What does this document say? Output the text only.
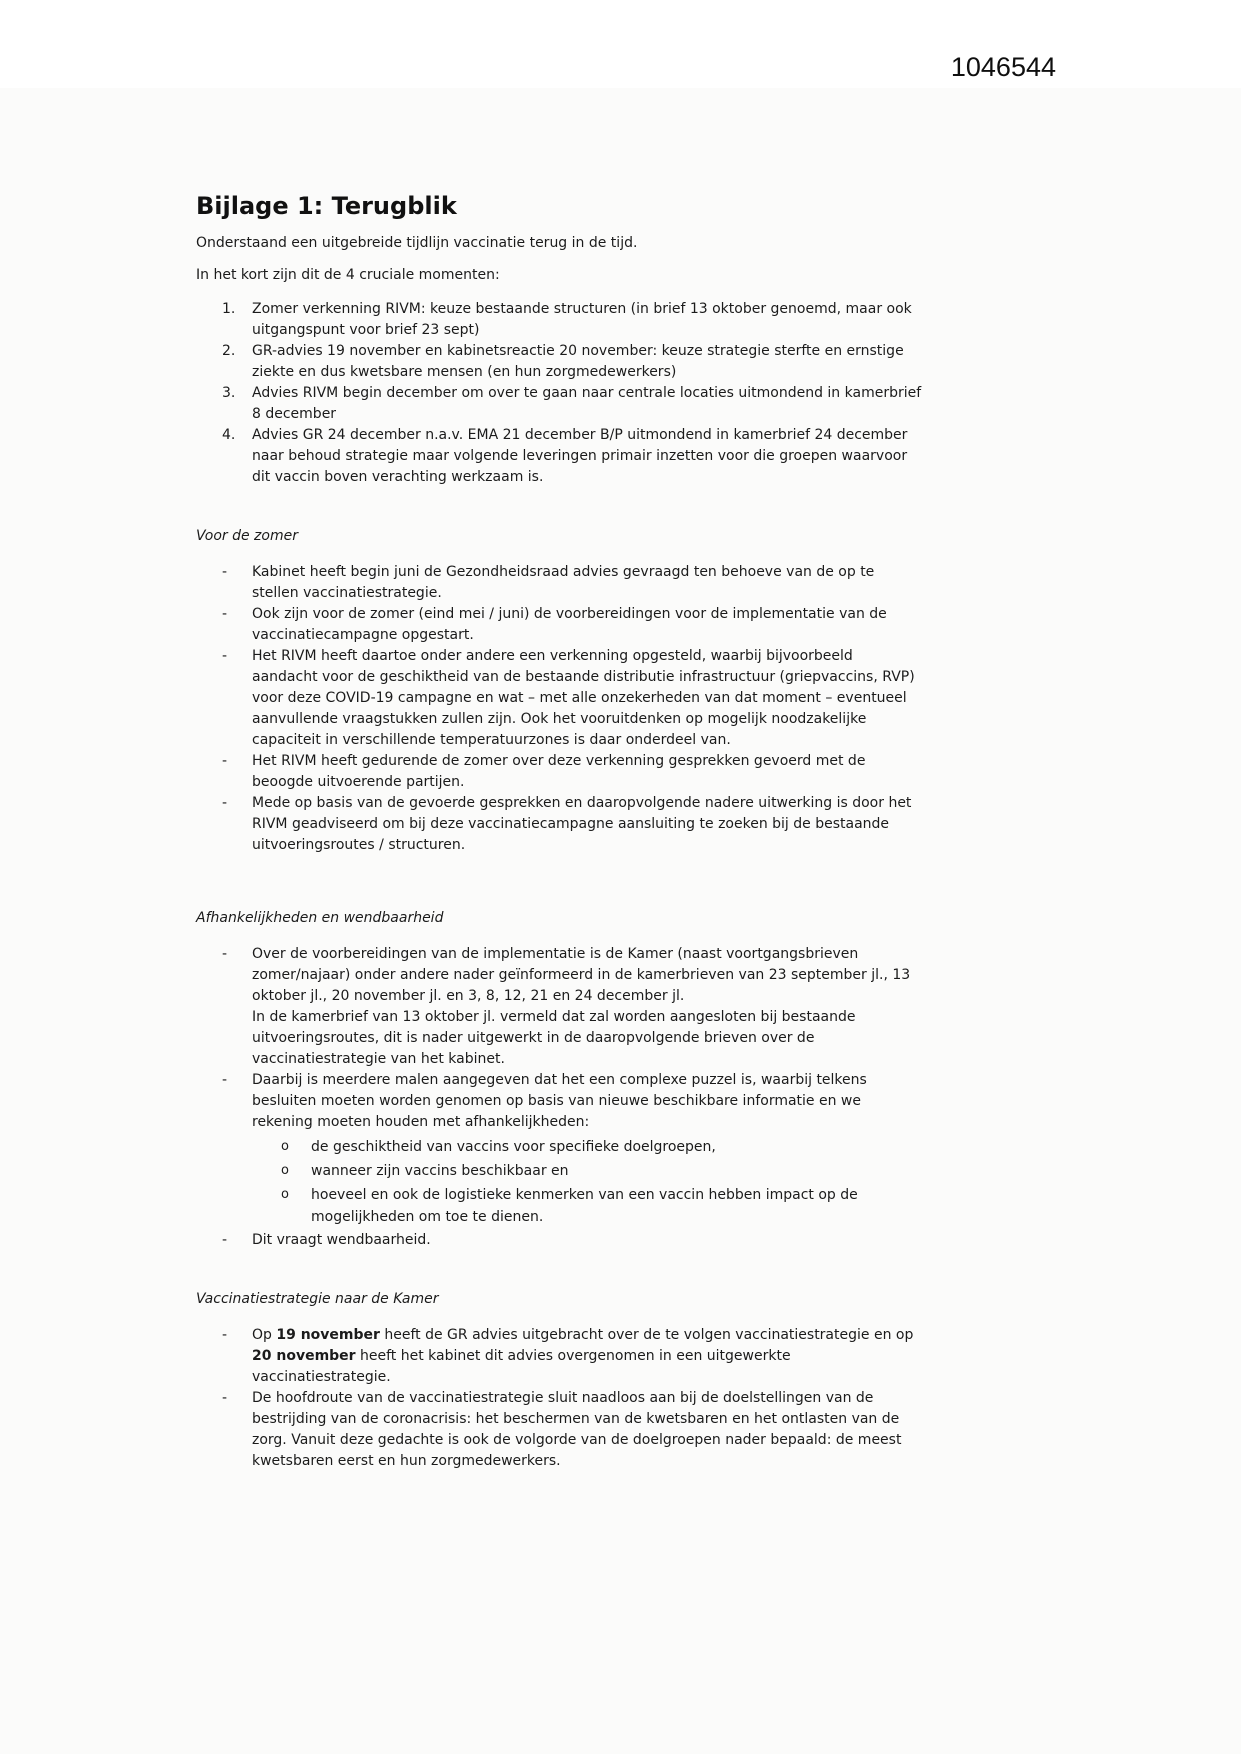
1046544
Bijlage 1: Terugblik

Onderstaand een uitgebreide tijdlijn vaccinatie terug in de tijd.

In het kort zijn dit de 4 cruciale momenten:

1.	Zomer verkenning RIVM: keuze bestaande structuren (in brief 13 oktober genoemd, maar ook uitgangspunt voor brief 23 sept)
2.	GR-advies 19 november en kabinetsreactie 20 november: keuze strategie sterfte en ernstige ziekte en dus kwetsbare mensen (en hun zorgmedewerkers)
3.	Advies RIVM begin december om over te gaan naar centrale locaties uitmondend in kamerbrief 8 december
4.	Advies GR 24 december n.a.v. EMA 21 december B/P uitmondend in kamerbrief 24 december naar behoud strategie maar volgende leveringen primair inzetten voor die groepen waarvoor dit vaccin boven verachting werkzaam is.
Voor de zomer
-	Kabinet heeft begin juni de Gezondheidsraad advies gevraagd ten behoeve van de op te stellen vaccinatiestrategie.
-	Ook zijn voor de zomer (eind mei / juni) de voorbereidingen voor de implementatie van de vaccinatiecampagne opgestart.
-	Het RIVM heeft daartoe onder andere een verkenning opgesteld, waarbij bijvoorbeeld aandacht voor de geschiktheid van de bestaande distributie infrastructuur (griepvaccins, RVP) voor deze COVID-19 campagne en wat – met alle onzekerheden van dat moment – eventueel aanvullende vraagstukken zullen zijn. Ook het vooruitdenken op mogelijk noodzakelijke capaciteit in verschillende temperatuurzones is daar onderdeel van.
-	Het RIVM heeft gedurende de zomer over deze verkenning gesprekken gevoerd met de beoogde uitvoerende partijen.
-	Mede op basis van de gevoerde gesprekken en daaropvolgende nadere uitwerking is door het RIVM geadviseerd om bij deze vaccinatiecampagne aansluiting te zoeken bij de bestaande uitvoeringsroutes / structuren.
Afhankelijkheden en wendbaarheid
-	Over de voorbereidingen van de implementatie is de Kamer (naast voortgangsbrieven zomer/najaar) onder andere nader geïnformeerd in de kamerbrieven van 23 september jl., 13 oktober jl., 20 november jl. en 3, 8, 12, 21 en 24 december jl.
In de kamerbrief van 13 oktober jl. vermeld dat zal worden aangesloten bij bestaande uitvoeringsroutes, dit is nader uitgewerkt in de daaropvolgende brieven over de vaccinatiestrategie van het kabinet.
-	Daarbij is meerdere malen aangegeven dat het een complexe puzzel is, waarbij telkens besluiten moeten worden genomen op basis van nieuwe beschikbare informatie en we rekening moeten houden met afhankelijkheden:
o	de geschiktheid van vaccins voor specifieke doelgroepen,
o	wanneer zijn vaccins beschikbaar en
o	hoeveel en ook de logistieke kenmerken van een vaccin hebben impact op de mogelijkheden om toe te dienen.
-	Dit vraagt wendbaarheid.
Vaccinatiestrategie naar de Kamer
-	Op 19 november heeft de GR advies uitgebracht over de te volgen vaccinatiestrategie en op 20 november heeft het kabinet dit advies overgenomen in een uitgewerkte vaccinatiestrategie.
-	De hoofdroute van de vaccinatiestrategie sluit naadloos aan bij de doelstellingen van de bestrijding van de coronacrisis: het beschermen van de kwetsbaren en het ontlasten van de zorg. Vanuit deze gedachte is ook de volgorde van de doelgroepen nader bepaald: de meest kwetsbaren eerst en hun zorgmedewerkers.
